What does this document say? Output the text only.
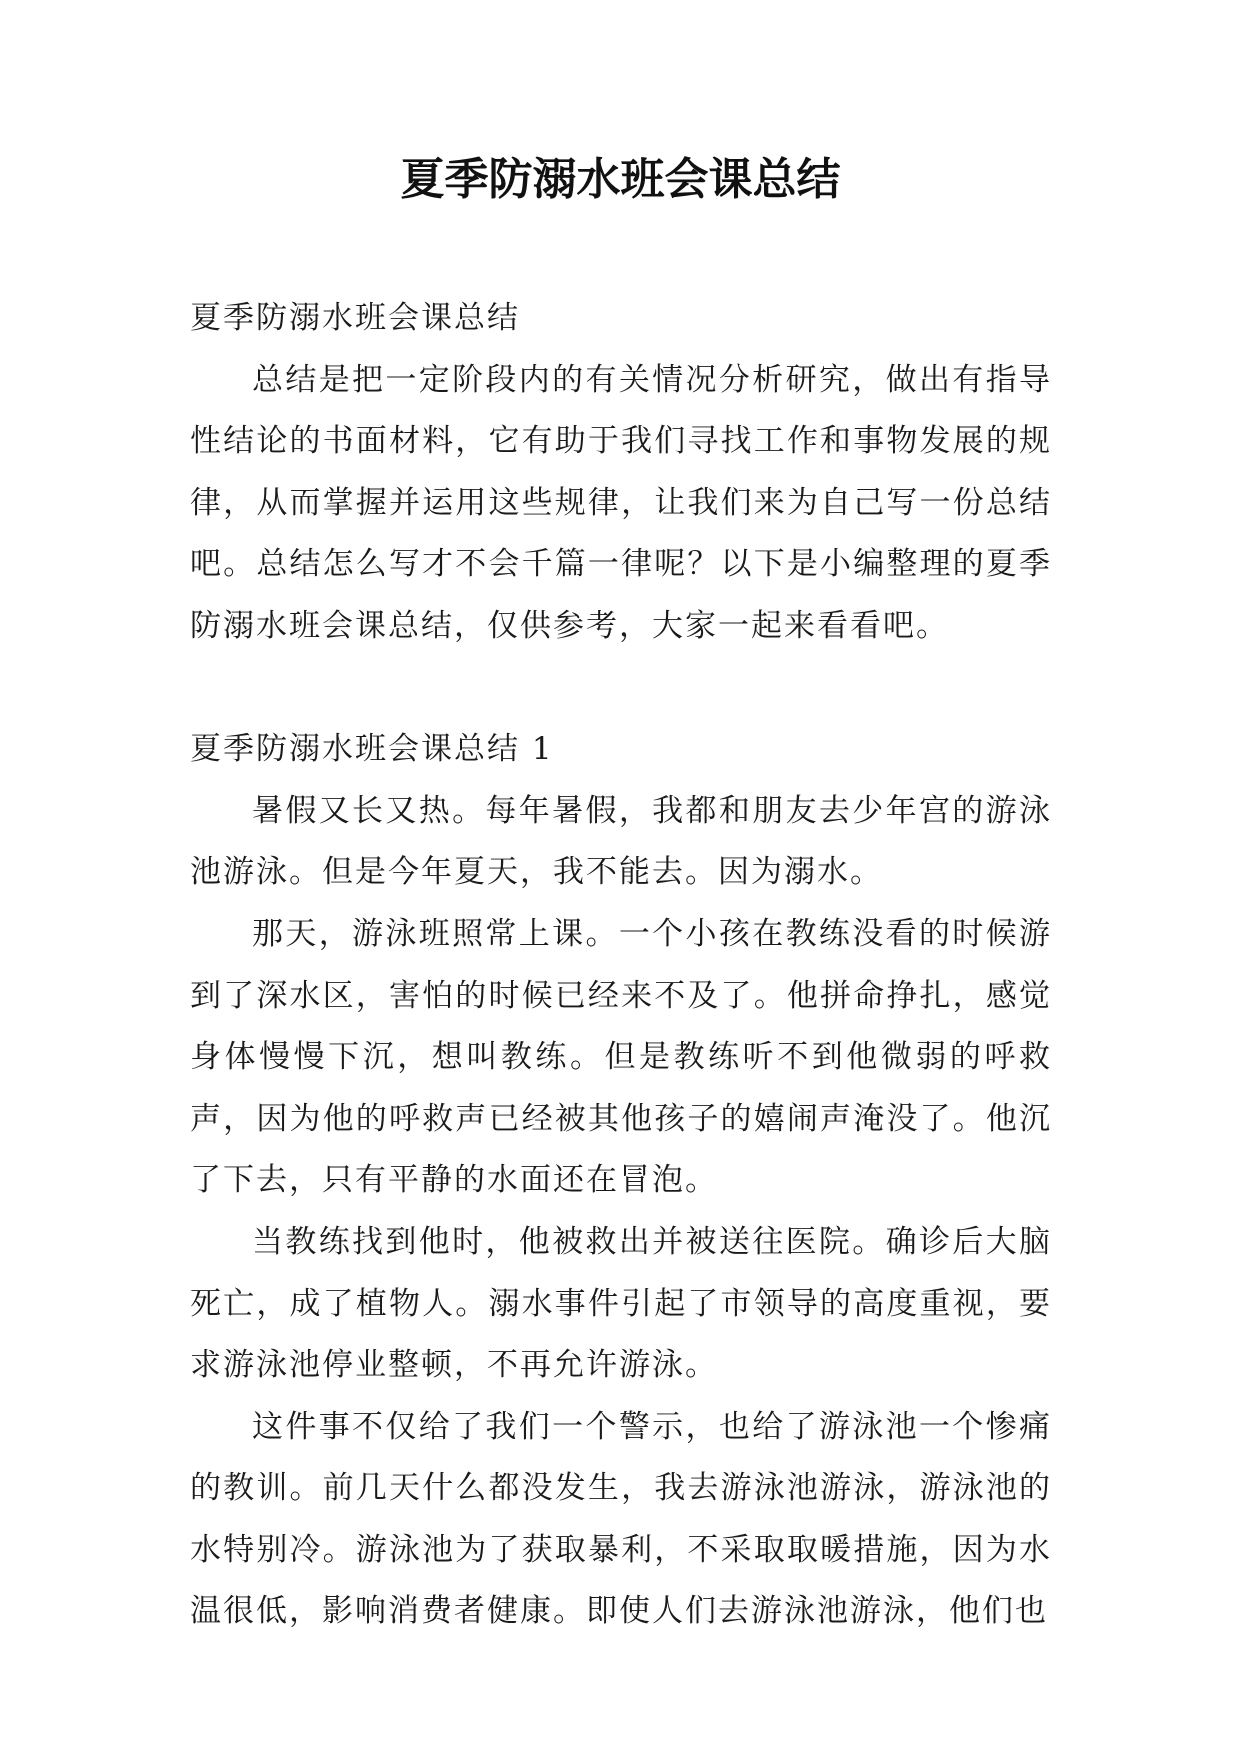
夏季防溺水班会课总结

夏季防溺水班会课总结

总结是把一定阶段内的有关情况分析研究，做出有指导性结论的书面材料，它有助于我们寻找工作和事物发展的规律，从而掌握并运用这些规律，让我们来为自己写一份总结吧。总结怎么写才不会千篇一律呢？以下是小编整理的夏季防溺水班会课总结，仅供参考，大家一起来看看吧。

夏季防溺水班会课总结 1

暑假又长又热。每年暑假，我都和朋友去少年宫的游泳池游泳。但是今年夏天，我不能去。因为溺水。

那天，游泳班照常上课。一个小孩在教练没看的时候游到了深水区，害怕的时候已经来不及了。他拼命挣扎，感觉身体慢慢下沉，想叫教练。但是教练听不到他微弱的呼救声，因为他的呼救声已经被其他孩子的嬉闹声淹没了。他沉了下去，只有平静的水面还在冒泡。

当教练找到他时，他被救出并被送往医院。确诊后大脑死亡，成了植物人。溺水事件引起了市领导的高度重视，要求游泳池停业整顿，不再允许游泳。

这件事不仅给了我们一个警示，也给了游泳池一个惨痛的教训。前几天什么都没发生，我去游泳池游泳，游泳池的水特别冷。游泳池为了获取暴利，不采取取暖措施，因为水温很低，影响消费者健康。即使人们去游泳池游泳，他们也
